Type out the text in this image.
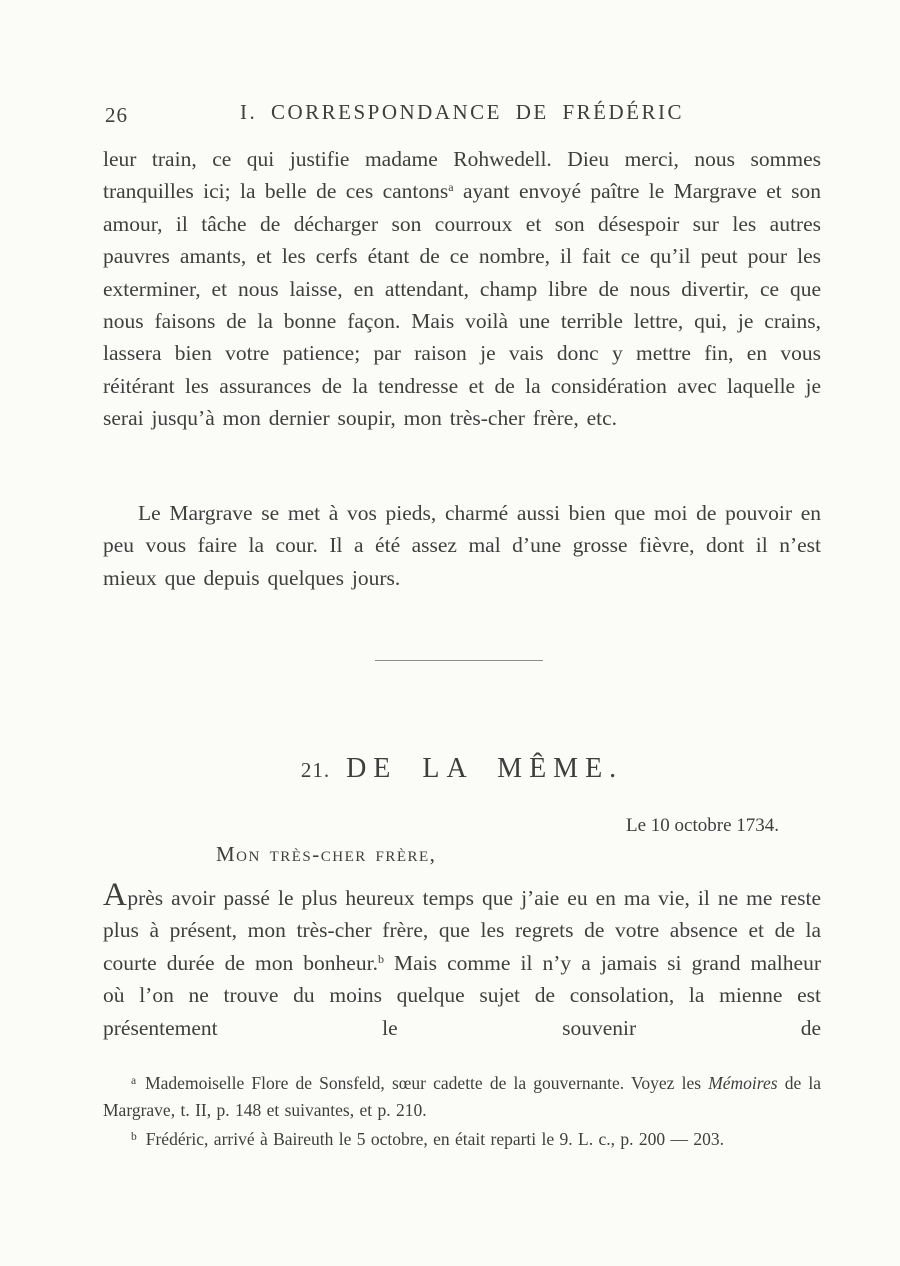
26	I. CORRESPONDANCE DE FRÉDÉRIC
leur train, ce qui justifie madame Rohwedell. Dieu merci, nous sommes tranquilles ici; la belle de ces cantons$^a$ ayant envoyé paître le Margrave et son amour, il tâche de décharger son courroux et son désespoir sur les autres pauvres amants, et les cerfs étant de ce nombre, il fait ce qu’il peut pour les exterminer, et nous laisse, en attendant, champ libre de nous divertir, ce que nous faisons de la bonne façon. Mais voilà une terrible lettre, qui, je crains, lassera bien votre patience; par raison je vais donc y mettre fin, en vous réitérant les assurances de la tendresse et de la considération avec laquelle je serai jusqu’à mon dernier soupir, mon très-cher frère, etc.
Le Margrave se met à vos pieds, charmé aussi bien que moi de pouvoir en peu vous faire la cour. Il a été assez mal d’une grosse fièvre, dont il n’est mieux que depuis quelques jours.
21. DE LA MÊME.
Le 10 octobre 1734.
Mon très-cher frère,
Après avoir passé le plus heureux temps que j’aie eu en ma vie, il ne me reste plus à présent, mon très-cher frère, que les regrets de votre absence et de la courte durée de mon bonheur.$^b$ Mais comme il n’y a jamais si grand malheur où l’on ne trouve du moins quelque sujet de consolation, la mienne est présentement le souvenir de

$^a$ Mademoiselle Flore de Sonsfeld, sœur cadette de la gouvernante. Voyez les Mémoires de la Margrave, t. II, p. 148 et suivantes, et p. 210.

$^b$ Frédéric, arrivé à Baireuth le 5 octobre, en était reparti le 9. L. c., p. 200 — 203.
